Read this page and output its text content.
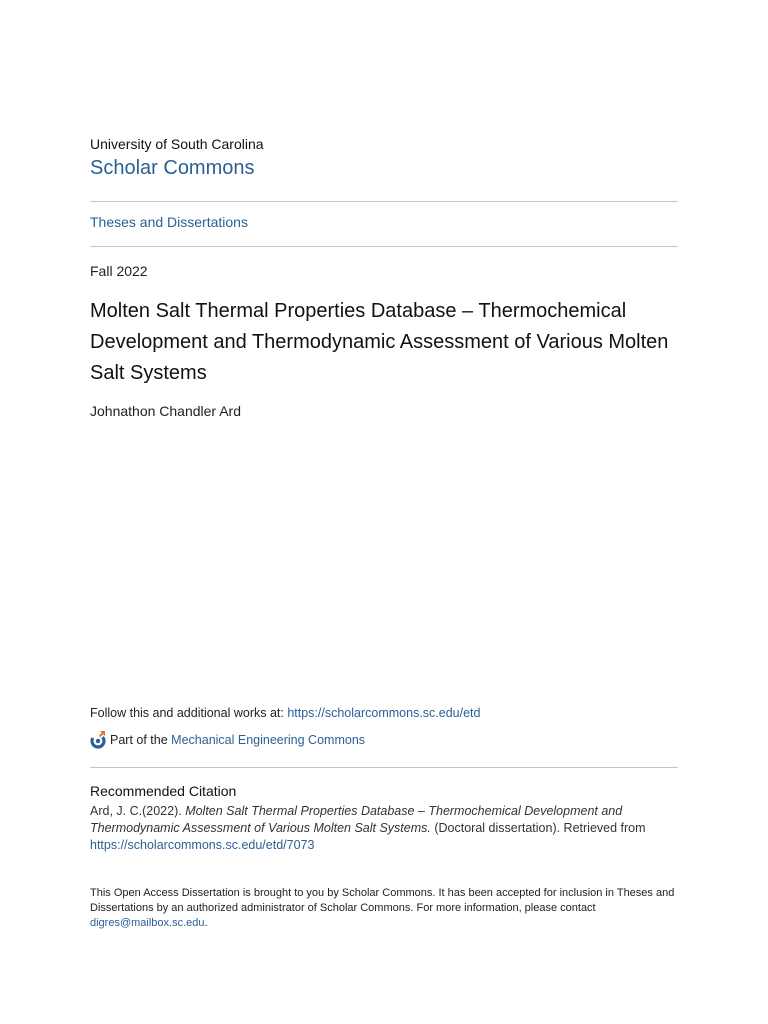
University of South Carolina
Scholar Commons
Theses and Dissertations
Fall 2022
Molten Salt Thermal Properties Database – Thermochemical Development and Thermodynamic Assessment of Various Molten Salt Systems
Johnathon Chandler Ard
Follow this and additional works at: https://scholarcommons.sc.edu/etd
Part of the
Mechanical Engineering Commons
Recommended Citation
Ard, J. C.(2022). Molten Salt Thermal Properties Database – Thermochemical Development and Thermodynamic Assessment of Various Molten Salt Systems. (Doctoral dissertation). Retrieved from
https://scholarcommons.sc.edu/etd/7073
This Open Access Dissertation is brought to you by Scholar Commons. It has been accepted for inclusion in Theses and Dissertations by an authorized administrator of Scholar Commons. For more information, please contact digres@mailbox.sc.edu.
